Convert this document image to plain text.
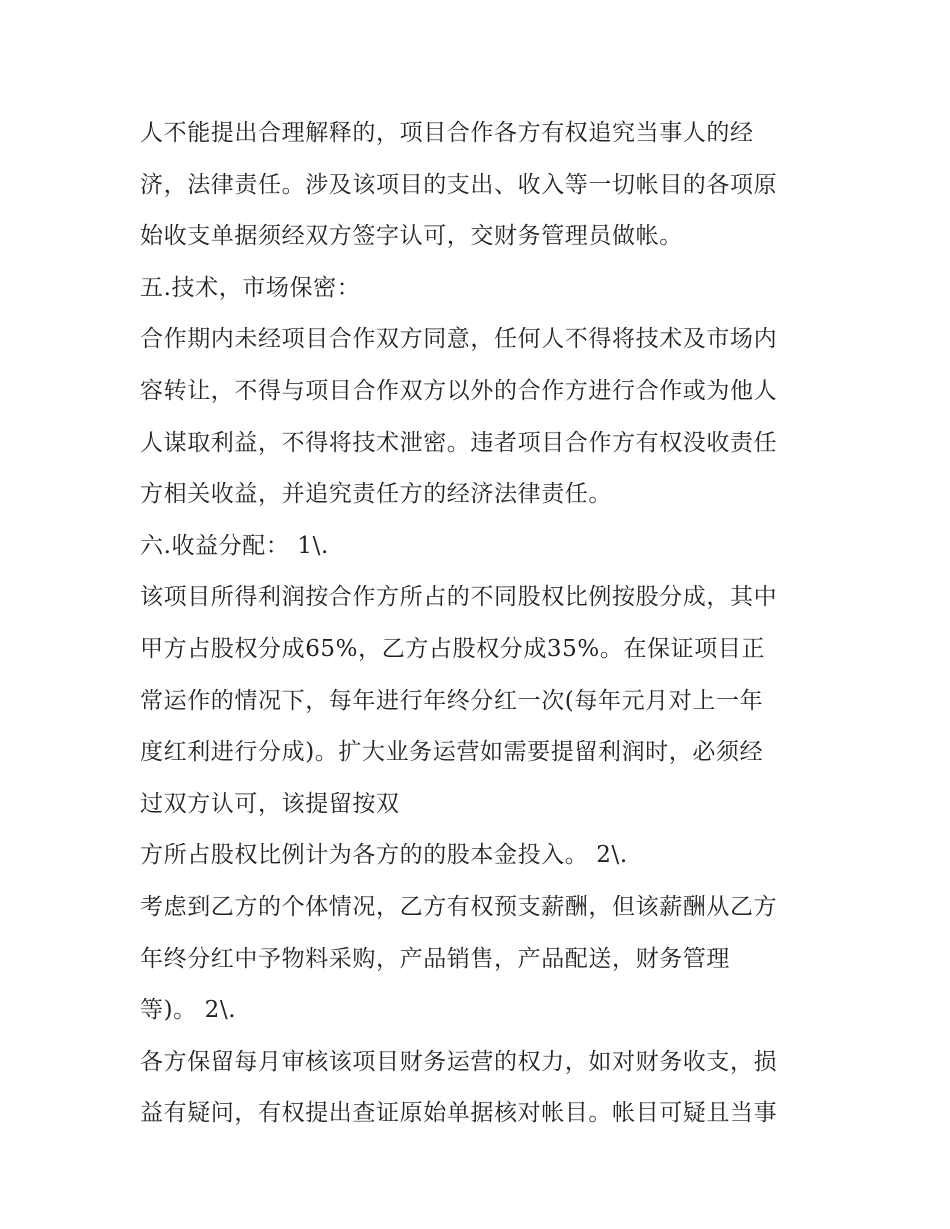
人不能提出合理解释的，项目合作各方有权追究当事人的经
济，法律责任。涉及该项目的支出、收入等一切帐目的各项原
始收支单据须经双方签字认可，交财务管理员做帐。
五.技术，市场保密：
合作期内未经项目合作双方同意，任何人不得将技术及市场内
容转让，不得与项目合作双方以外的合作方进行合作或为他人
人谋取利益，不得将技术泄密。违者项目合作方有权没收责任
方相关收益，并追究责任方的经济法律责任。
六.收益分配： 1\.
该项目所得利润按合作方所占的不同股权比例按股分成，其中
甲方占股权分成65%，乙方占股权分成35%。在保证项目正
常运作的情况下，每年进行年终分红一次(每年元月对上一年
度红利进行分成)。扩大业务运营如需要提留利润时，必须经
过双方认可，该提留按双
方所占股权比例计为各方的的股本金投入。 2\.
考虑到乙方的个体情况，乙方有权预支薪酬，但该薪酬从乙方
年终分红中予物料采购，产品销售，产品配送，财务管理
等)。 2\.
各方保留每月审核该项目财务运营的权力，如对财务收支，损
益有疑问，有权提出查证原始单据核对帐目。帐目可疑且当事
